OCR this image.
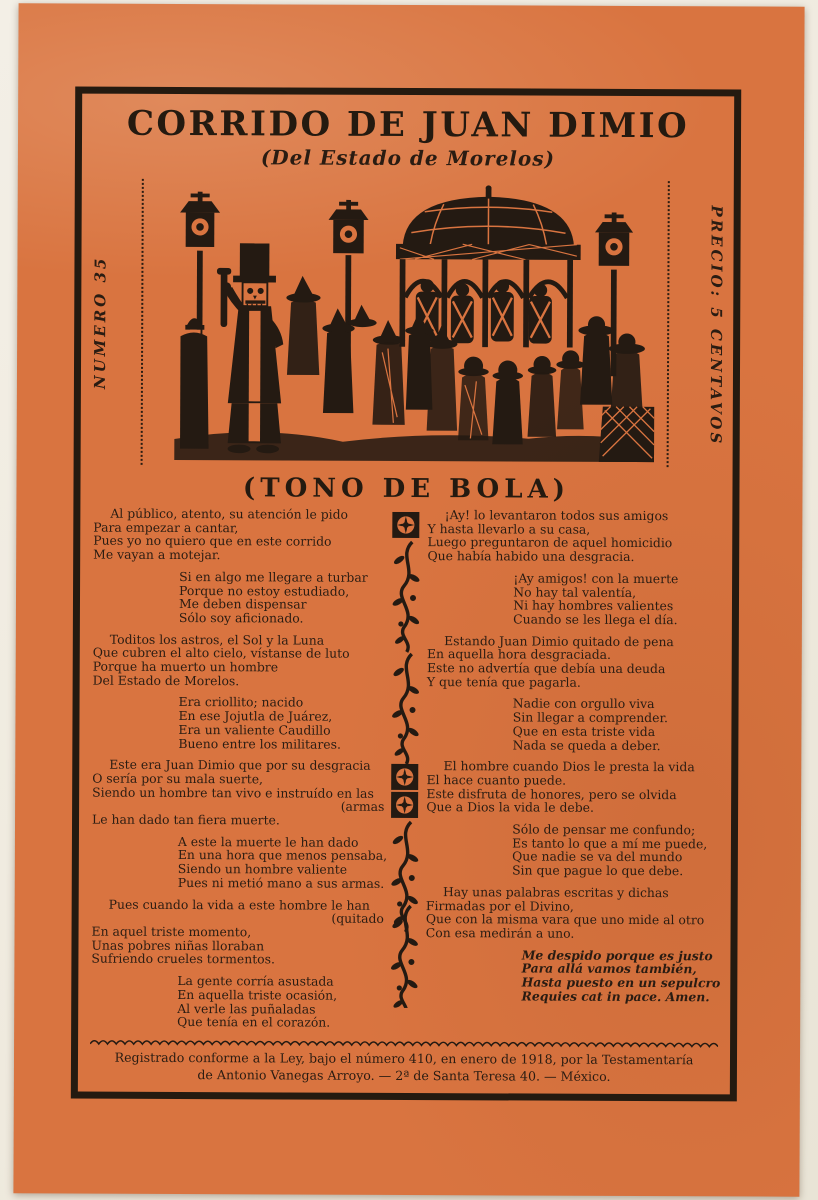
CORRIDO DE JUAN DIMIO
(Del Estado de Morelos)
NUMERO 35	PRECIO: 5 CENTAVOS
(TONO DE BOLA)
Al público, atento, su atención le pido
Para empezar a cantar,
Pues yo no quiero que en este corrido
Me vayan a motejar.
Si en algo me llegare a turbar
Porque no estoy estudiado,
Me deben dispensar
Sólo soy aficionado.
Toditos los astros, el Sol y la Luna
Que cubren el alto cielo, vístanse de luto
Porque ha muerto un hombre
Del Estado de Morelos.
Era criollito; nacido
En ese Jojutla de Juárez,
Era un valiente Caudillo
Bueno entre los militares.
Este era Juan Dimio que por su desgracia
O sería por su mala suerte,
Siendo un hombre tan vivo e instruído en las
(armas
Le han dado tan fiera muerte.
A este la muerte le han dado
En una hora que menos pensaba,
Siendo un hombre valiente
Pues ni metió mano a sus armas.
Pues cuando la vida a este hombre le han
(quitado
En aquel triste momento,
Unas pobres niñas lloraban
Sufriendo crueles tormentos.
La gente corría asustada
En aquella triste ocasión,
Al verle las puñaladas
Que tenía en el corazón.
¡Ay! lo levantaron todos sus amigos
Y hasta llevarlo a su casa,
Luego preguntaron de aquel homicidio
Que había habido una desgracia.
¡Ay amigos! con la muerte
No hay tal valentía,
Ni hay hombres valientes
Cuando se les llega el día.
Estando Juan Dimio quitado de pena
En aquella hora desgraciada.
Este no advertía que debía una deuda
Y que tenía que pagarla.
Nadie con orgullo viva
Sin llegar a comprender.
Que en esta triste vida
Nada se queda a deber.
El hombre cuando Dios le presta la vida
El hace cuanto puede.
Este disfruta de honores, pero se olvida
Que a Dios la vida le debe.
Sólo de pensar me confundo;
Es tanto lo que a mí me puede,
Que nadie se va del mundo
Sin que pague lo que debe.
Hay unas palabras escritas y dichas
Firmadas por el Divino,
Que con la misma vara que uno mide al otro
Con esa medirán a uno.
Me despido porque es justo
Para allá vamos también,
Hasta puesto en un sepulcro
Requies cat in pace. Amen.
Registrado conforme a la Ley, bajo el número 410, en enero de 1918, por la Testamentaría
de Antonio Vanegas Arroyo. — 2ª de Santa Teresa 40. — México.
